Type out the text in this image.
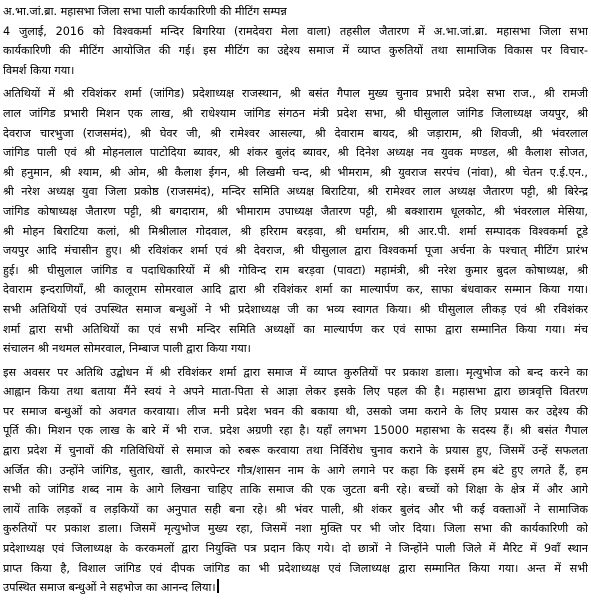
अ.भा.जां.ब्रा. महासभा जिला सभा पाली कार्यकारिणी की मीटिंग सम्पन्न
4 जुलाई, 2016 को विश्वकर्मा मन्दिर बिगरिया (रामदेवरा मेला वाला) तहसील जैतारण में अ.भा.जां.ब्रा. महासभा जिला सभा
कार्यकारिणी की मीटिंग आयोजित की गई। इस मीटिंग का उद्देश्य समाज में व्याप्त कुरुतियों तथा सामाजिक विकास पर विचार-
विमर्श किया गया।
अतिथियों में श्री रविशंकर शर्मा (जांगिड) प्रदेशाध्यक्ष राजस्थान, श्री बसंत गैपाल मुख्य चुनाव प्रभारी प्रदेश सभा राज., श्री रामजी
लाल जांगिड प्रभारी मिशन एक लाख, श्री राधेश्याम जांगिड संगठन मंत्री प्रदेश सभा, श्री घीसुलाल जांगिड जिलाध्यक्ष जयपुर, श्री
देवराज चारभुजा (राजसमंद), श्री घेवर जी, श्री रामेश्वर आसल्या, श्री देवाराम बायद, श्री जड़ाराम, श्री शिवजी, श्री भंवरलाल
जांगिड पाली एवं श्री मोहनलाल पाटोदिया ब्यावर, श्री शंकर बुलंद ब्यावर, श्री दिनेश अध्यक्ष नव युवक मण्डल, श्री कैलाश सोजत,
श्री हनुमान, श्री श्याम, श्री ओम, श्री कैलाश ईगन, श्री लिखमी चन्द, श्री भीमराम, श्री युवराज सरपंच (नांवा), श्री चेतन ए.ई.एन.,
श्री नरेश अध्यक्ष युवा जिला प्रकोष्ठ (राजसमंद), मन्दिर समिति अध्यक्ष बिराटिया, श्री रामेश्वर लाल अध्यक्ष जैतारण पट्टी, श्री बिरेन्द्र
जांगिड कोषाध्यक्ष जैतारण पट्टी, श्री बगदाराम, श्री भीमाराम उपाध्यक्ष जैतारण पट्टी, श्री बक्शाराम धूलकोट, श्री भंवरलाल मेसिया,
श्री मोहन बिराटिया कलां, श्री मिश्रीलाल गोदवाल, श्री हरिराम बरड़वा, श्री धर्माराम, श्री आर.पी. शर्मा सम्पादक विश्वकर्मा टूडे
जयपुर आदि मंचासीन हुए। श्री रविशंकर शर्मा एवं श्री देवराज, श्री घीसुलाल द्वारा विश्वकर्मा पूजा अर्चना के पश्चात् मीटिंग प्रारंभ
हुई। श्री घीसुलाल जांगिड व पदाधिकारियों में श्री गोविन्द राम बरड़वा (पावटा) महामंत्री, श्री नरेश कुमार बुदल कोषाध्यक्ष, श्री
देवाराम इन्दराणियाँ, श्री कालूराम सोमरवाल आदि द्वारा श्री रविशंकर शर्मा का माल्यार्पण कर, साफा बंधवाकर सम्मान किया गया।
सभी अतिथियों एवं उपस्थित समाज बन्धुओं ने भी प्रदेशाध्यक्ष जी का भव्य स्वागत किया। श्री घीसुलाल लीकड़ एवं श्री रविशंकर
शर्मा द्वारा सभी अतिथियों का एवं सभी मन्दिर समिति अध्यक्षों का माल्यार्पण कर एवं साफा द्वारा सम्मानित किया गया। मंच
संचालन श्री नथमल सोमरवाल, निम्बाज पाली द्वारा किया गया।
इस अवसर पर अतिथि उद्बोधन में श्री रविशंकर शर्मा द्वारा समाज में व्याप्त कुरुतियों पर प्रकाश डाला। मृत्युभोज को बन्द करने का
आह्वान किया तथा बताया मैंने स्वयं ने अपने माता-पिता से आज्ञा लेकर इसके लिए पहल की है। महासभा द्वारा छात्रवृत्ति वितरण
पर समाज बन्धुओं को अवगत करवाया। लीज मनी प्रदेश भवन की बकाया थी, उसको जमा कराने के लिए प्रयास कर उद्देश्य की
पूर्ति की। मिशन एक लाख के बारे में भी राज. प्रदेश अग्रणी रहा है। यहाँ लगभग 15000 महासभा के सदस्य हैं। श्री बसंत गैपाल
द्वारा प्रदेश में चुनावों की गतिविधियों से समाज को रुबरू करवाया तथा निर्विरोध चुनाव कराने के प्रयास हुए, जिसमें उन्हें सफलता
अर्जित की। उन्होंने जांगिड, सुतार, खाती, कारपेन्टर गौत्र/शासन नाम के आगे लगाने पर कहा कि इसमें हम बंटे हुए लगते हैं, हम
सभी को जांगिड शब्द नाम के आगे लिखना चाहिए ताकि समाज की एक जुटता बनी रहे। बच्चों को शिक्षा के क्षेत्र में और आगे
लायें ताकि लड़कों व लड़कियों का अनुपात सही बना रहे। श्री भंवर पाली, श्री शंकर बुलंद और भी कई वक्ताओं ने सामाजिक
कुरुतियों पर प्रकाश डाला। जिसमें मृत्युभोज मुख्य रहा, जिसमें नशा मुक्ति पर भी जोर दिया। जिला सभा की कार्यकारिणी को
प्रदेशाध्यक्ष एवं जिलाध्यक्ष के करकमलों द्वारा नियुक्ति पत्र प्रदान किए गये। दो छात्रों ने जिन्होंने पाली जिले में मैरिट में 9वाँ स्थान
प्राप्त किया है, विशाल जांगिड एवं दीपक जांगिड का भी प्रदेशाध्यक्ष एवं जिलाध्यक्ष द्वारा सम्मानित किया गया। अन्त में सभी
उपस्थित समाज बन्धुओं ने सहभोज का आनन्द लिया।
